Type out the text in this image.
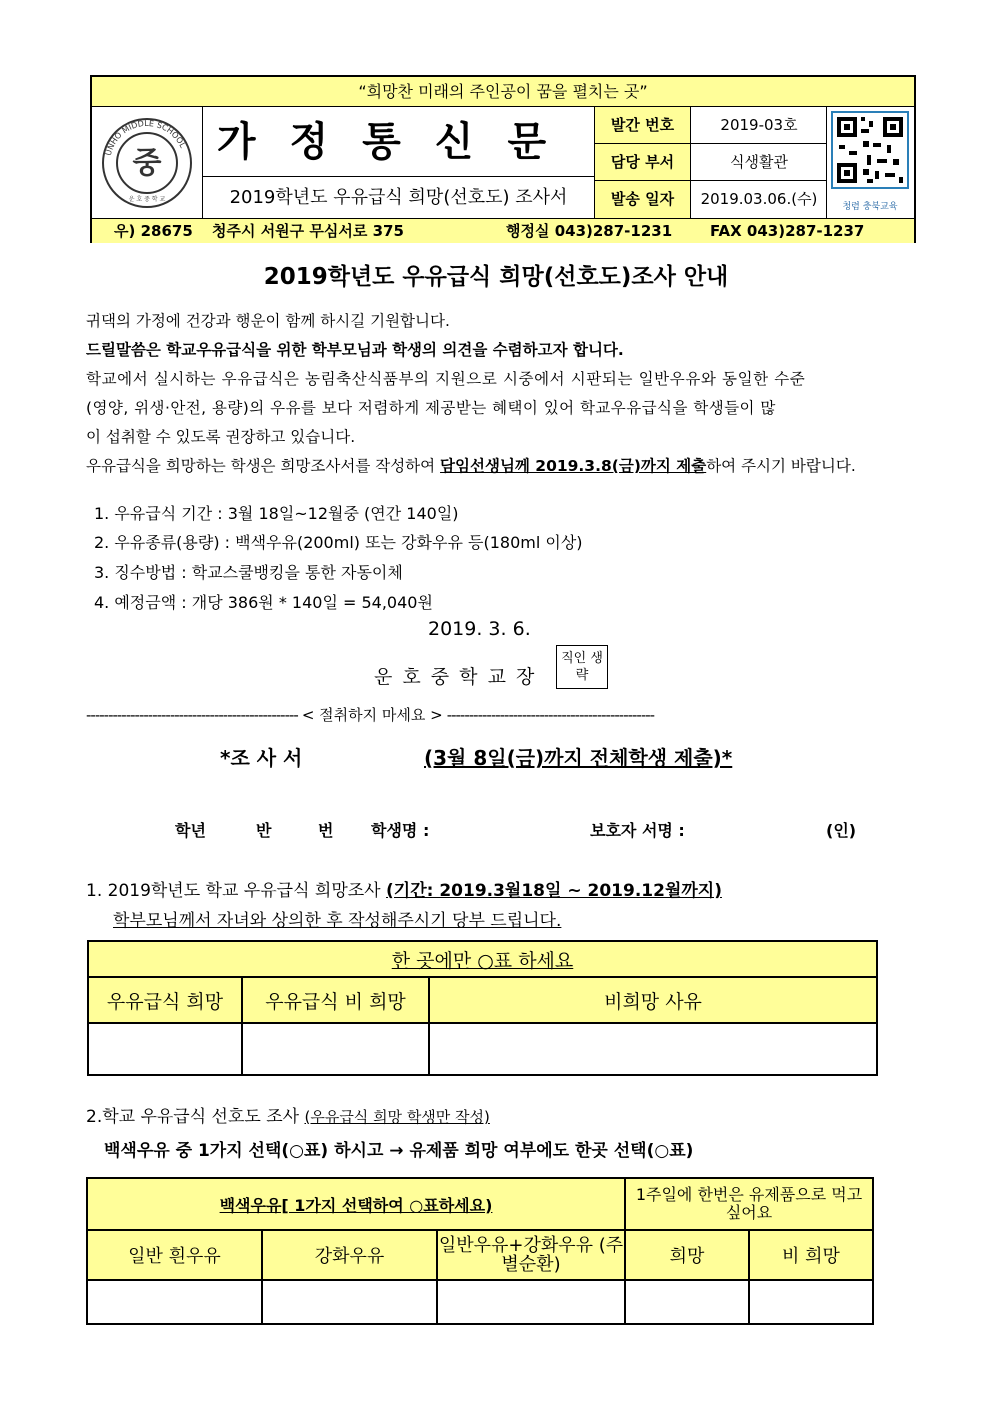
“희망찬 미래의 주인공이 꿈을 펼치는 곳”
UNHO MIDDLE SCHOOL
중
운 호 중 학 교
가정통신문
2019학년도 우유급식 희망(선호도) 조사서
발간 번호	2019-03호
담당 부서	식생활관
발송 일자	2019.03.06.(수)	청렴 충북교육
우) 28675 청주시 서원구 무심서로 375	행정실 043)287-1231	FAX 043)287-1237
2019학년도 우유급식 희망(선호도)조사 안내
귀댁의 가정에 건강과 행운이 함께 하시길 기원합니다.
드릴말씀은 학교우유급식을 위한 학부모님과 학생의 의견을 수렴하고자 합니다.
학교에서 실시하는 우유급식은 농림축산식품부의 지원으로 시중에서 시판되는 일반우유와 동일한 수준
(영양, 위생·안전, 용량)의 우유를 보다 저렴하게 제공받는 혜택이 있어 학교우유급식을 학생들이 많
이 섭취할 수 있도록 권장하고 있습니다.
우유급식을 희망하는 학생은 희망조사서를 작성하여 담임선생님께 2019.3.8(금)까지 제출하여 주시기 바랍니다.
1. 우유급식 기간 : 3월 18일~12월중 (연간 140일)
2. 우유종류(용량) : 백색우유(200ml) 또는 강화우유 등(180ml 이상)
3. 징수방법 : 학교스쿨뱅킹을 통한 자동이체
4. 예정금액 : 개당 386원 * 140일 = 54,040원
2019. 3. 6.
운 호 중 학 교 장
직인 생략
------------------------------------------------ < 절취하지 마세요 > -----------------------------------------------
*조 사 서	(3월 8일(금)까지 전체학생 제출)*
학년	반	번 학생명 :	보호자 서명 :	(인)
1. 2019학년도 학교 우유급식 희망조사 (기간: 2019.3월18일 ~ 2019.12월까지)
학부모님께서 자녀와 상의한 후 작성해주시기 당부 드립니다.
한 곳에만 ○표 하세요		
우유급식 희망	우유급식 비 희망	비희망 사유

2.학교 우유급식 선호도 조사 (우유급식 희망 학생만 작성)
백색우유 중 1가지 선택(○표) 하시고 → 유제품 희망 여부에도 한곳 선택(○표)
백색우유[ 1가지 선택하여 ○표하세요)			1주일에 한번은 유제품으로 먹고 싶어요	
일반 흰우유	강화우유	일반우유+강화우유 (주별순환)	희망	비 희망
